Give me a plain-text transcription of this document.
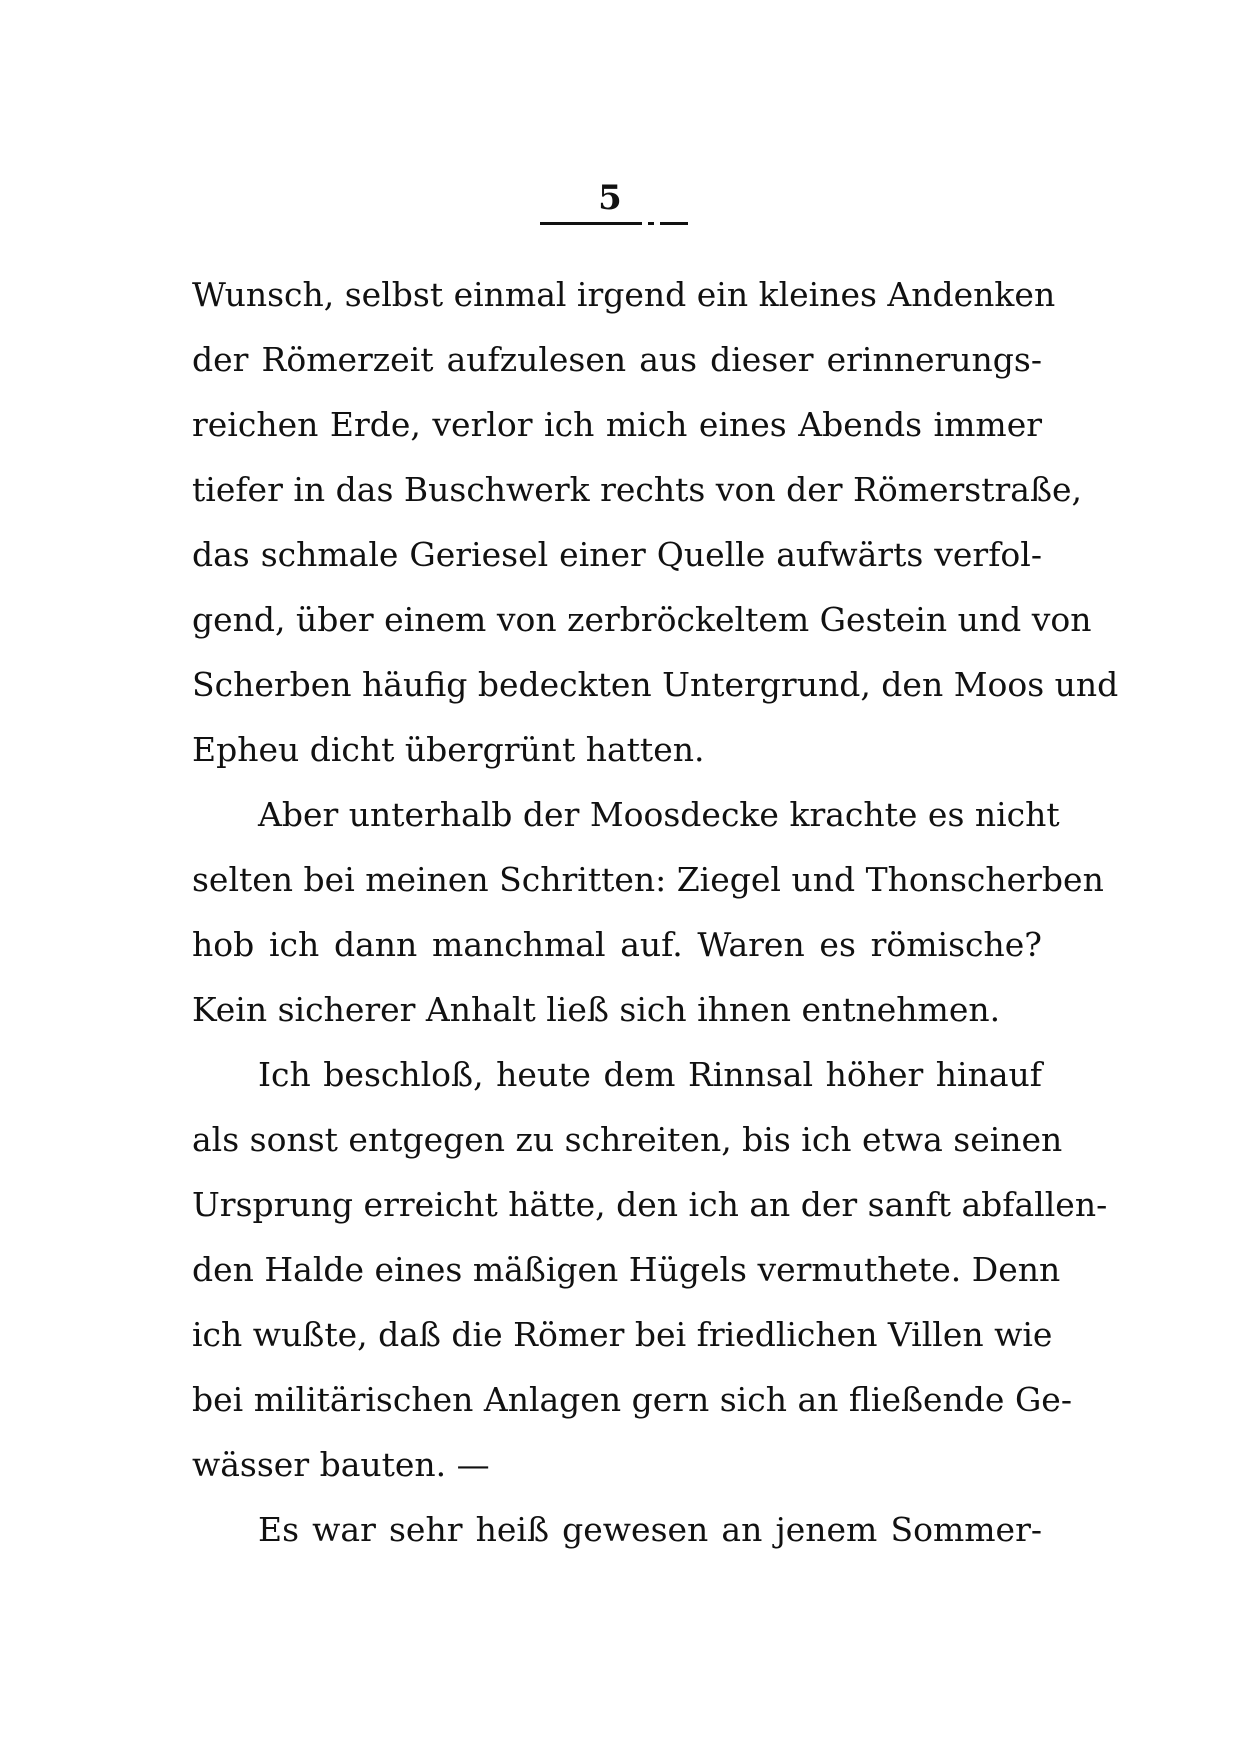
5
Wunsch, selbst einmal irgend ein kleines Andenken
der Römerzeit aufzulesen aus dieser erinnerungs-
reichen Erde, verlor ich mich eines Abends immer
tiefer in das Buschwerk rechts von der Römerstraße,
das schmale Geriesel einer Quelle aufwärts verfol-
gend, über einem von zerbröckeltem Gestein und von
Scherben häufig bedeckten Untergrund, den Moos und
Epheu dicht übergrünt hatten.
Aber unterhalb der Moosdecke krachte es nicht
selten bei meinen Schritten: Ziegel und Thonscherben
hob ich dann manchmal auf. Waren es römische?
Kein sicherer Anhalt ließ sich ihnen entnehmen.
Ich beschloß, heute dem Rinnsal höher hinauf
als sonst entgegen zu schreiten, bis ich etwa seinen
Ursprung erreicht hätte, den ich an der sanft abfallen-
den Halde eines mäßigen Hügels vermuthete. Denn
ich wußte, daß die Römer bei friedlichen Villen wie
bei militärischen Anlagen gern sich an fließende Ge-
wässer bauten. —
Es war sehr heiß gewesen an jenem Sommer-
